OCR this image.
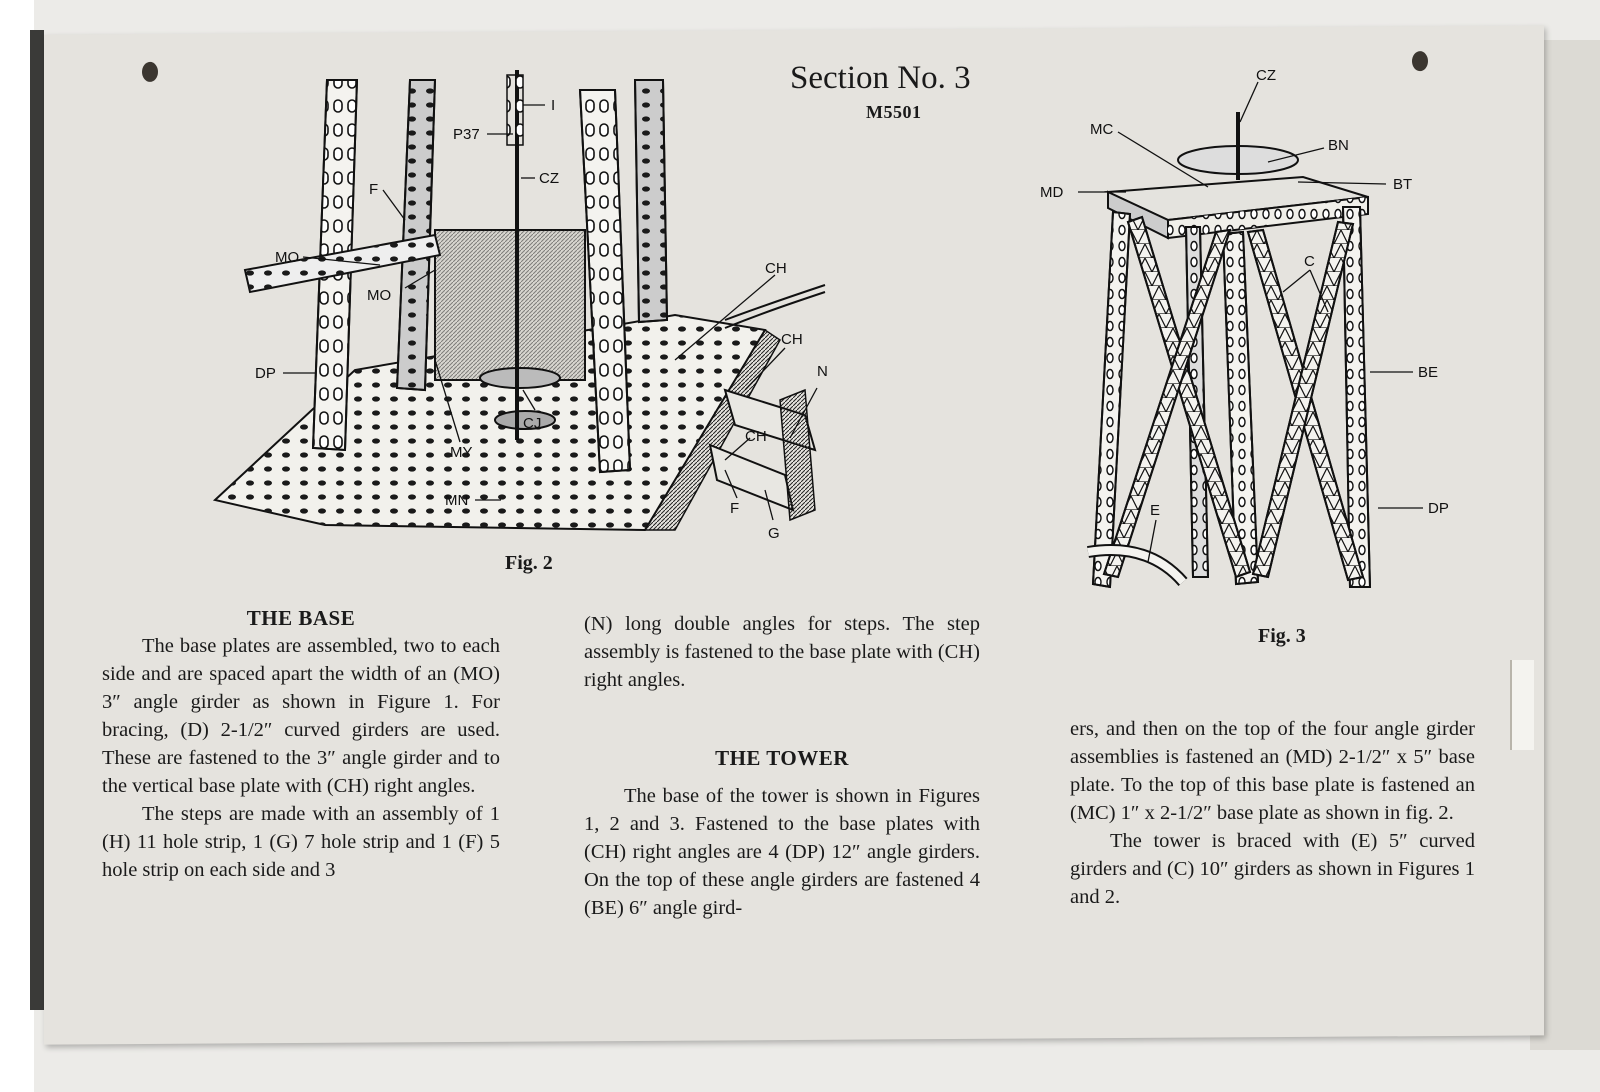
Section No. 3
M5501
I
P37
CZ
F
MO
MO
DP
MY
CJ
MN
CH
CH
N
CH
F
G
Fig. 2
CZ
MC
BN
MD	BT
C
BE
DP
E
Fig. 3

THE BASE

The base plates are assembled, two to each side and are spaced apart the width of an (MO) 3″ angle girder as shown in Figure 1. For bracing, (D) 2-1/2″ curved girders are used. These are fastened to the 3″ angle girder and to the vertical base plate with (CH) right angles.

The steps are made with an assembly of 1 (H) 11 hole strip, 1 (G) 7 hole strip and 1 (F) 5 hole strip on each side and 3

(N) long double angles for steps. The step assembly is fastened to the base plate with (CH) right angles.

THE TOWER

The base of the tower is shown in Figures 1, 2 and 3. Fastened to the base plates with (CH) right angles are 4 (DP) 12″ angle girders. On the top of these angle girders are fastened 4 (BE) 6″ angle gird-

ers, and then on the top of the four angle girder assemblies is fastened an (MD) 2-1/2″ x 5″ base plate. To the top of this base plate is fastened an (MC) 1″ x 2-1/2″ base plate as shown in fig. 2.

The tower is braced with (E) 5″ curved girders and (C) 10″ girders as shown in Figures 1 and 2.
